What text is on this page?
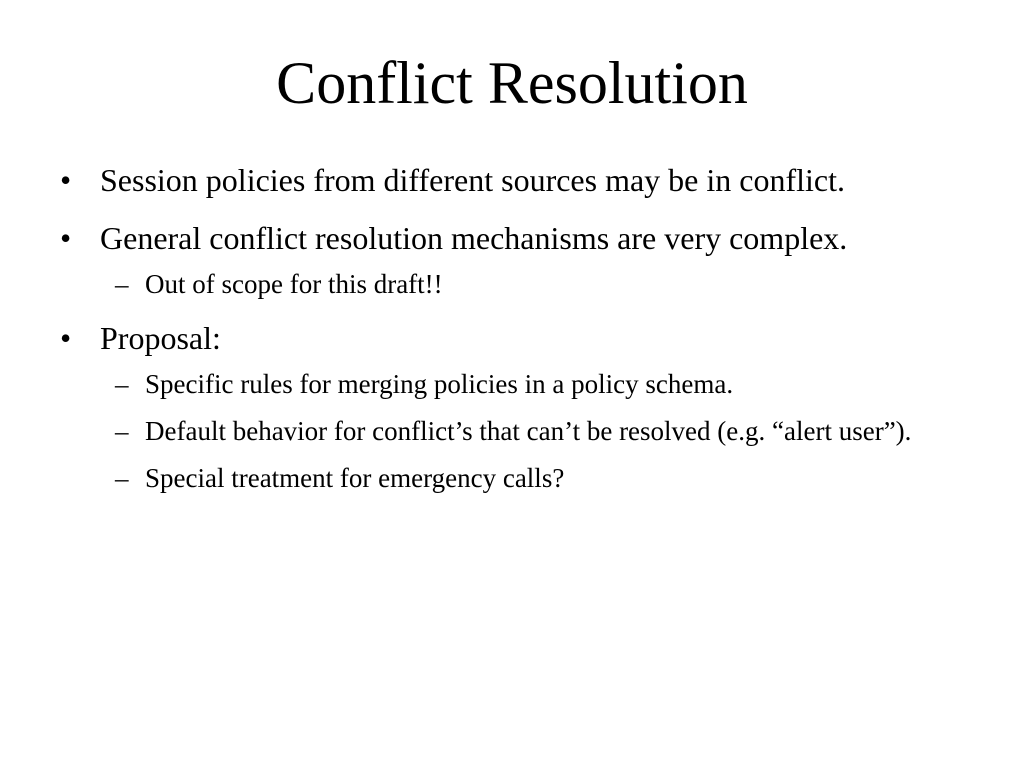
Conflict Resolution
• Session policies from different sources may be in conflict.
• General conflict resolution mechanisms are very complex.
– Out of scope for this draft!!
• Proposal:
– Specific rules for merging policies in a policy schema.
– Default behavior for conflict’s that can’t be resolved (e.g. “alert user”).
– Special treatment for emergency calls?
